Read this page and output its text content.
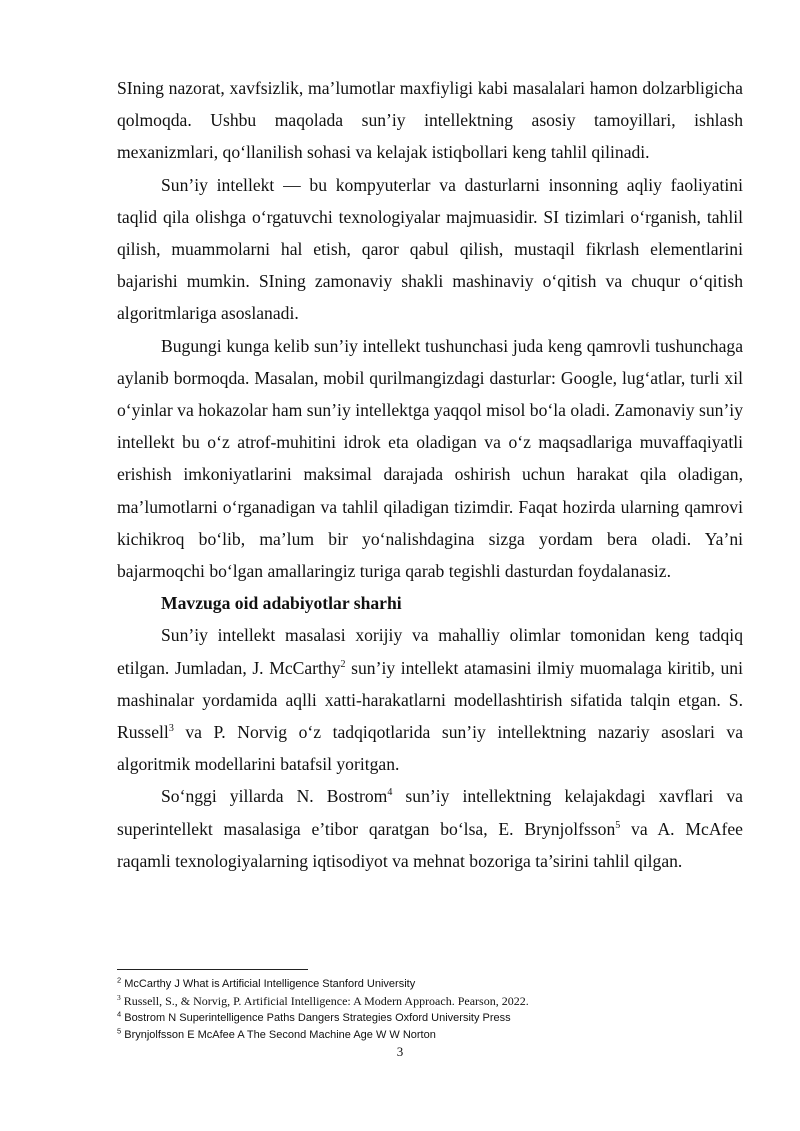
SIning nazorat, xavfsizlik, ma’lumotlar maxfiyligi kabi masalalari hamon dolzarbligicha qolmoqda. Ushbu maqolada sun’iy intellektning asosiy tamoyillari, ishlash mexanizmlari, qo‘llanilish sohasi va kelajak istiqbollari keng tahlil qilinadi.

Sun’iy intellekt — bu kompyuterlar va dasturlarni insonning aqliy faoliyatini taqlid qila olishga o‘rgatuvchi texnologiyalar majmuasidir. SI tizimlari o‘rganish, tahlil qilish, muammolarni hal etish, qaror qabul qilish, mustaqil fikrlash elementlarini bajarishi mumkin. SIning zamonaviy shakli mashinaviy o‘qitish va chuqur o‘qitish algoritmlariga asoslanadi.

Bugungi kunga kelib sun’iy intellekt tushunchasi juda keng qamrovli tushunchaga aylanib bormoqda. Masalan, mobil qurilmangizdagi dasturlar: Google, lug‘atlar, turli xil o‘yinlar va hokazolar ham sun’iy intellektga yaqqol misol bo‘la oladi. Zamonaviy sun’iy intellekt bu o‘z atrof-muhitini idrok eta oladigan va o‘z maqsadlariga muvaffaqiyatli erishish imkoniyatlarini maksimal darajada oshirish uchun harakat qila oladigan, ma’lumotlarni o‘rganadigan va tahlil qiladigan tizimdir. Faqat hozirda ularning qamrovi kichikroq bo‘lib, ma’lum bir yo‘nalishdagina sizga yordam bera oladi. Ya’ni bajarmoqchi bo‘lgan amallaringiz turiga qarab tegishli dasturdan foydalanasiz.

Mavzuga oid adabiyotlar sharhi

Sun’iy intellekt masalasi xorijiy va mahalliy olimlar tomonidan keng tadqiq etilgan. Jumladan, J. McCarthy$^2$ sun’iy intellekt atamasini ilmiy muomalaga kiritib, uni mashinalar yordamida aqlli xatti-harakatlarni modellashtirish sifatida talqin etgan. S. Russell$^3$ va P. Norvig o‘z tadqiqotlarida sun’iy intellektning nazariy asoslari va algoritmik modellarini batafsil yoritgan.

So‘nggi yillarda N. Bostrom$^4$ sun’iy intellektning kelajakdagi xavflari va superintellekt masalasiga e’tibor qaratgan bo‘lsa, E. Brynjolfsson$^5$ va A. McAfee raqamli texnologiyalarning iqtisodiyot va mehnat bozoriga ta’sirini tahlil qilgan.

$^2$ McCarthy J What is Artificial Intelligence Stanford University

$^3$ Russell, S., & Norvig, P. Artificial Intelligence: A Modern Approach. Pearson, 2022.

$^4$ Bostrom N Superintelligence Paths Dangers Strategies Oxford University Press

$^5$ Brynjolfsson E McAfee A The Second Machine Age W W Norton

3
